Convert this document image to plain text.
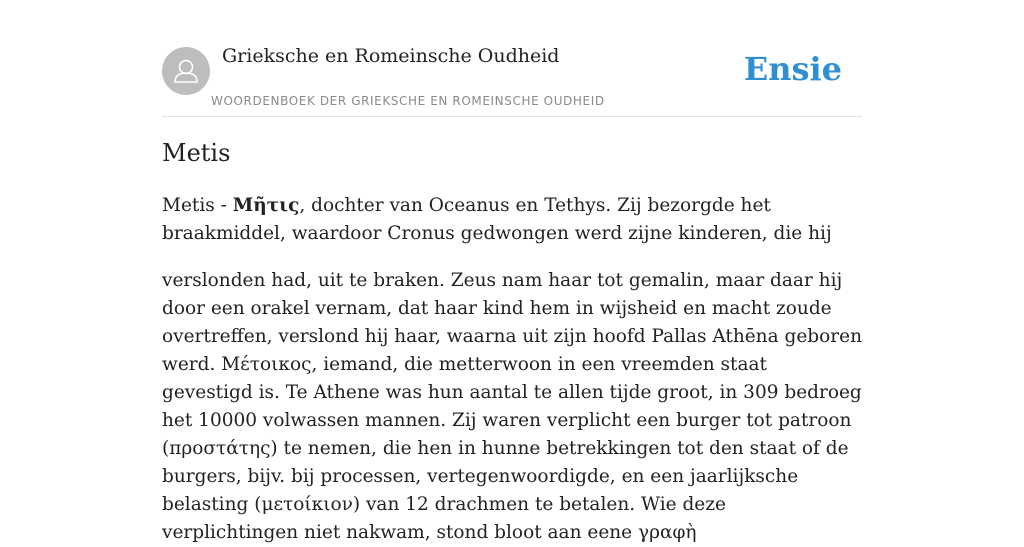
Grieksche en Romeinsche Oudheid
WOORDENBOEK DER GRIEKSCHE EN ROMEINSCHE OUDHEID
Ensie
Metis

Metis - Μῆτις, dochter van Oceanus en Tethys. Zij bezorgde het braakmiddel, waardoor Cronus gedwongen werd zijne kinderen, die hij

verslonden had, uit te braken. Zeus nam haar tot gemalin, maar daar hij door een orakel vernam, dat haar kind hem in wijsheid en macht zoude overtreffen, verslond hij haar, waarna uit zijn hoofd Pallas Athēna geboren werd. Μέτοικος, iemand, die metterwoon in een vreemden staat gevestigd is. Te Athene was hun aantal te allen tijde groot, in 309 bedroeg het 10000 volwassen mannen. Zij waren verplicht een burger tot patroon (προστάτης) te nemen, die hen in hunne betrekkingen tot den staat of de burgers, bijv. bij processen, vertegenwoordigde, en een jaarlijksche belasting (μετοίκιον) van 12 drachmen te betalen. Wie deze verplichtingen niet nakwam, stond bloot aan eene γραφὴ
